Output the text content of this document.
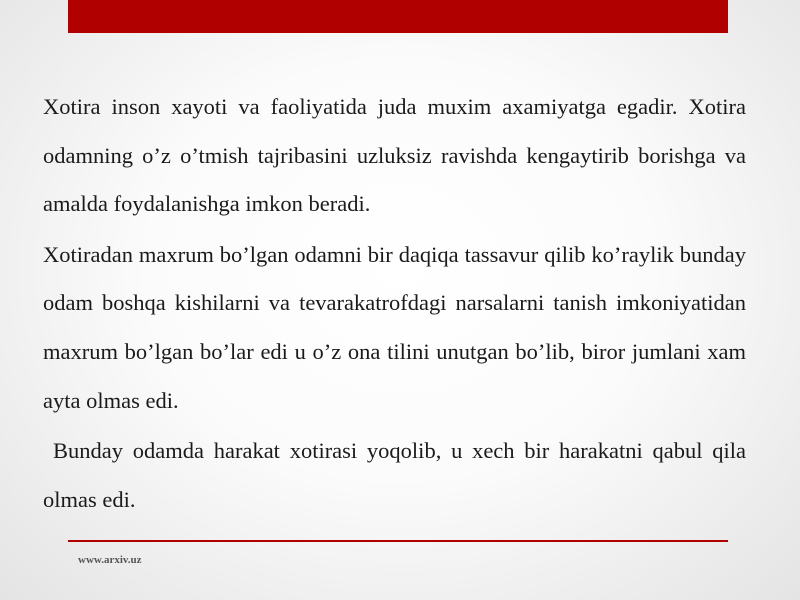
Xotira inson xayoti va faoliyatida juda muxim axamiyatga egadir. Xotira odamning o’z o’tmish tajribasini uzluksiz ravishda kengaytirib borishga va amalda foydalanishga imkon beradi.

Xotiradan maxrum bo’lgan odamni bir daqiqa tassavur qilib ko’raylik bunday odam boshqa kishilarni va tevarakatrofdagi narsalarni tanish imkoniyatidan maxrum bo’lgan bo’lar edi u o’z ona tilini unutgan bo’lib, biror jumlani xam ayta olmas edi.

Bunday odamda harakat xotirasi yoqolib, u xech bir harakatni qabul qila olmas edi.

www.arxiv.uz
